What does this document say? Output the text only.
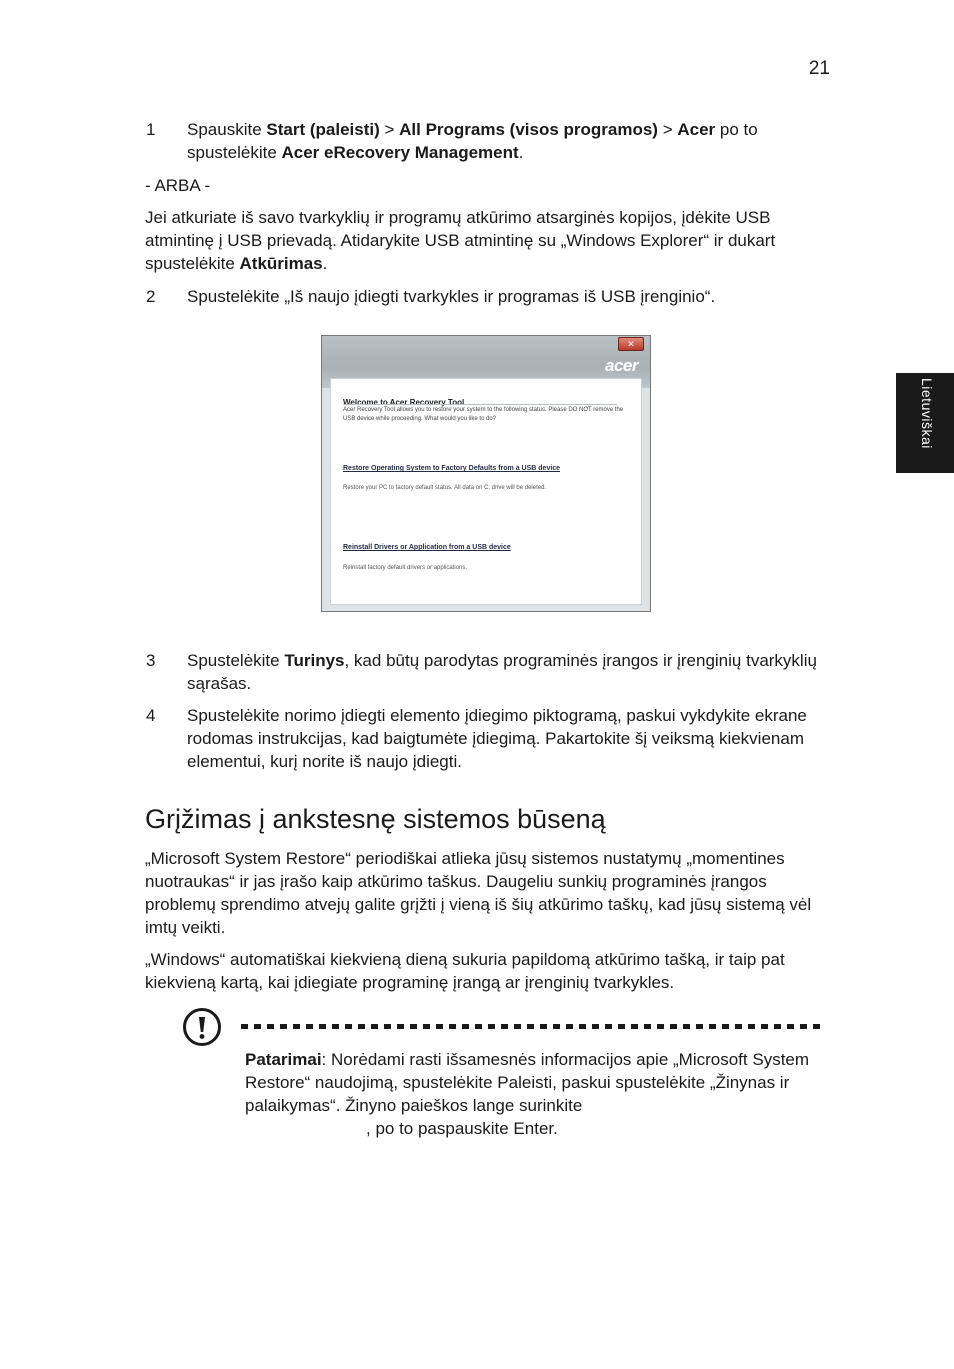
21
Lietuviškai
1	Spauskite Start (paleisti) > All Programs (visos programos) > Acer po to spustelėkite Acer eRecovery Management.
- ARBA -
Jei atkuriate iš savo tvarkyklių ir programų atkūrimo atsarginės kopijos, įdėkite USB atmintinę į USB prievadą. Atidarykite USB atmintinę su „Windows Explorer“ ir dukart spustelėkite Atkūrimas.
2	Spustelėkite „Iš naujo įdiegti tvarkykles ir programas iš USB įrenginio“.
✕
acer
Welcome to Acer Recovery Tool
Acer Recovery Tool allows you to restore your system to the following status. Please DO NOT remove the USB device while proceeding. What would you like to do?
Restore Operating System to Factory Defaults from a USB device
Restore your PC to factory default status. All data on C: drive will be deleted.
Reinstall Drivers or Application from a USB device
Reinstall factory default drivers or applications.
3	Spustelėkite Turinys, kad būtų parodytas programinės įrangos ir įrenginių tvarkyklių sąrašas.
4	Spustelėkite norimo įdiegti elemento įdiegimo piktogramą, paskui vykdykite ekrane rodomas instrukcijas, kad baigtumėte įdiegimą. Pakartokite šį veiksmą kiekvienam elementui, kurį norite iš naujo įdiegti.
Grįžimas į ankstesnę sistemos būseną
„Microsoft System Restore“ periodiškai atlieka jūsų sistemos nustatymų „momentines nuotraukas“ ir jas įrašo kaip atkūrimo taškus. Daugeliu sunkių programinės įrangos problemų sprendimo atvejų galite grįžti į vieną iš šių atkūrimo taškų, kad jūsų sistemą vėl imtų veikti.
„Windows“ automatiškai kiekvieną dieną sukuria papildomą atkūrimo tašką, ir taip pat kiekvieną kartą, kai įdiegiate programinę įrangą ar įrenginių tvarkykles.
Patarimai: Norėdami rasti išsamesnės informacijos apie „Microsoft System Restore“ naudojimą, spustelėkite Paleisti, paskui spustelėkite „Žinynas ir palaikymas“. Žinyno paieškos lange surinkite
, po to paspauskite Enter.
